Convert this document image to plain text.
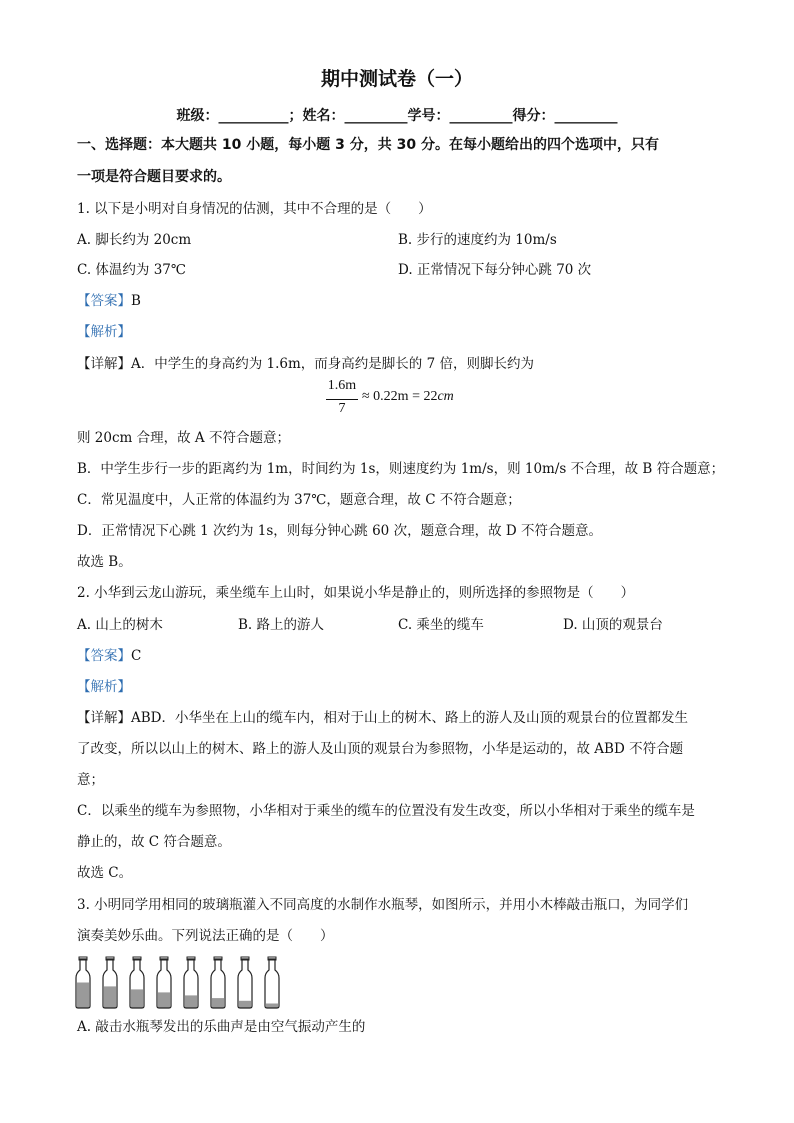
期中测试卷（一）
班级：__________；姓名：_________学号：_________得分：_________
一、选择题：本大题共 10 小题，每小题 3 分，共 30 分。在每小题给出的四个选项中，只有
一项是符合题目要求的。
1. 以下是小明对自身情况的估测，其中不合理的是（　　）
A. 脚长约为 20cm	B. 步行的速度约为 10m/s
C. 体温约为 37℃	D. 正常情况下每分钟心跳 70 次
【答案】B
【解析】
【详解】A．中学生的身高约为 1.6m，而身高约是脚长的 7 倍，则脚长约为
1.6m
7
≈ 0.22m = 22cm
则 20cm 合理，故 A 不符合题意；
B．中学生步行一步的距离约为 1m，时间约为 1s，则速度约为 1m/s，则 10m/s 不合理，故 B 符合题意；
C．常见温度中，人正常的体温约为 37℃，题意合理，故 C 不符合题意；
D．正常情况下心跳 1 次约为 1s，则每分钟心跳 60 次，题意合理，故 D 不符合题意。
故选 B。
2. 小华到云龙山游玩，乘坐缆车上山时，如果说小华是静止的，则所选择的参照物是（　　）
A. 山上的树木	B. 路上的游人	C. 乘坐的缆车	D. 山顶的观景台
【答案】C
【解析】
【详解】ABD．小华坐在上山的缆车内，相对于山上的树木、路上的游人及山顶的观景台的位置都发生
了改变，所以以山上的树木、路上的游人及山顶的观景台为参照物，小华是运动的，故 ABD 不符合题
意；
C．以乘坐的缆车为参照物，小华相对于乘坐的缆车的位置没有发生改变，所以小华相对于乘坐的缆车是
静止的，故 C 符合题意。
故选 C。
3. 小明同学用相同的玻璃瓶灌入不同高度的水制作水瓶琴，如图所示，并用小木棒敲击瓶口，为同学们
演奏美妙乐曲。下列说法正确的是（　　）
A. 敲击水瓶琴发出的乐曲声是由空气振动产生的
